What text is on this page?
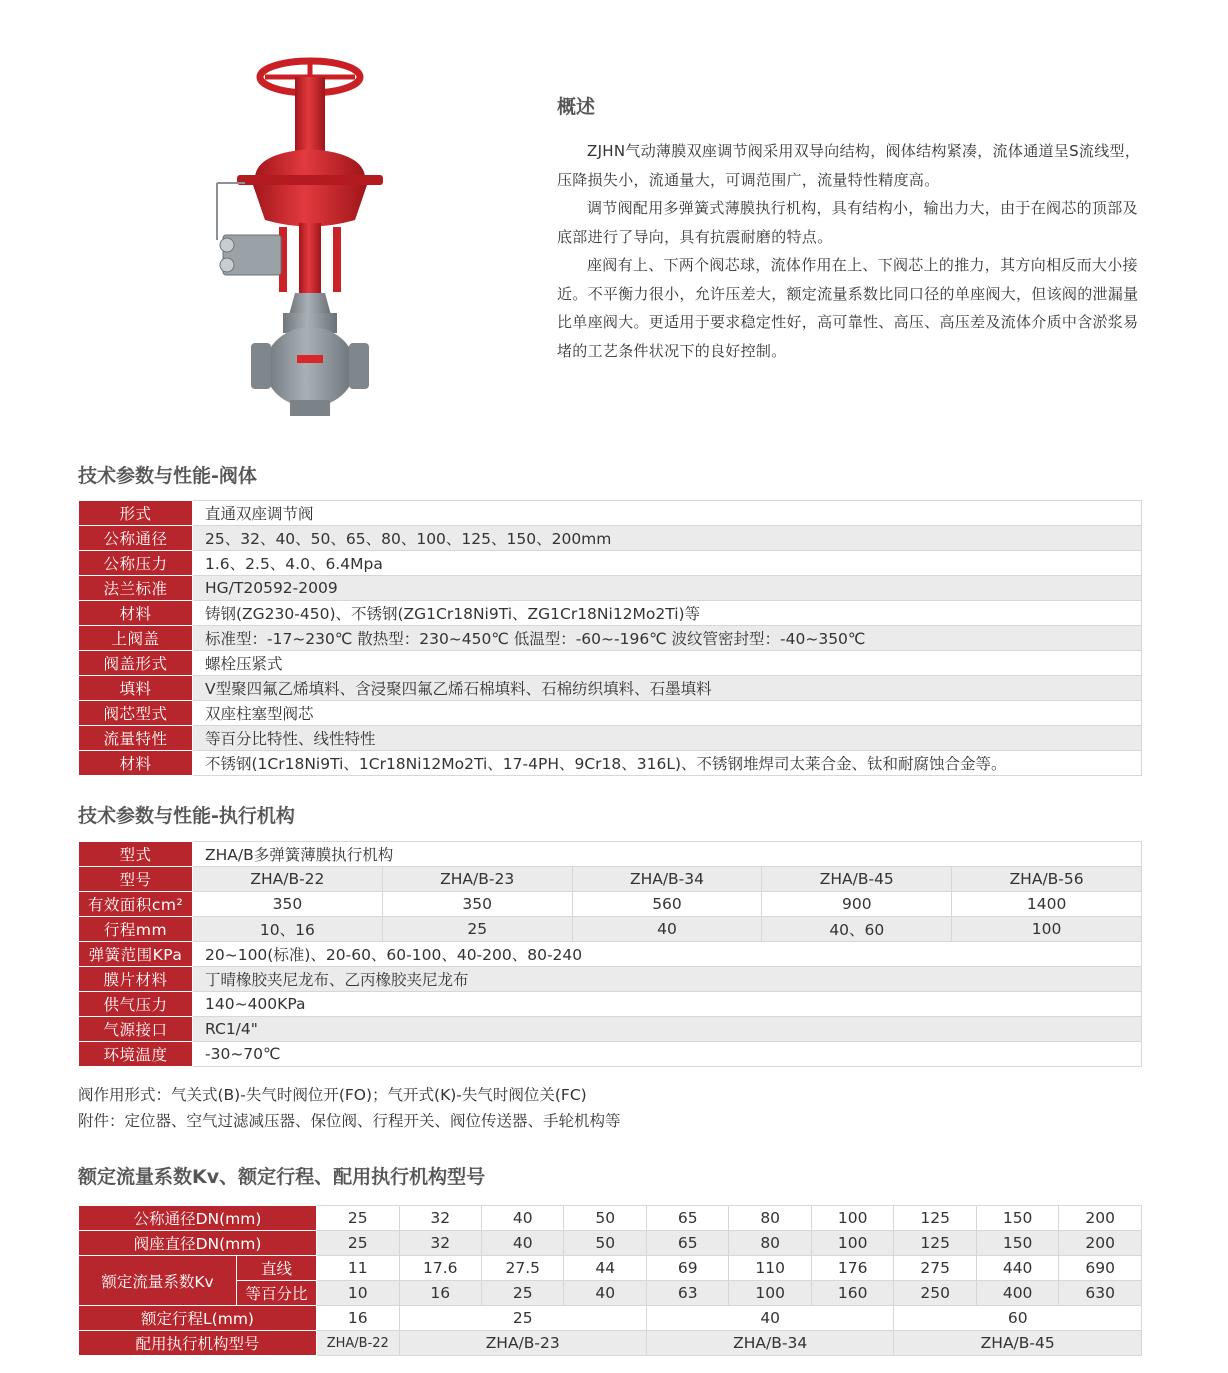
概述

ZJHN气动薄膜双座调节阀采用双导向结构，阀体结构紧凑，流体通道呈S流线型，压降损失小，流通量大，可调范围广，流量特性精度高。

调节阀配用多弹簧式薄膜执行机构，具有结构小，输出力大，由于在阀芯的顶部及底部进行了导向，具有抗震耐磨的特点。

座阀有上、下两个阀芯球，流体作用在上、下阀芯上的推力，其方向相反而大小接近。不平衡力很小，允许压差大，额定流量系数比同口径的单座阀大，但该阀的泄漏量比单座阀大。更适用于要求稳定性好，高可靠性、高压、高压差及流体介质中含淤浆易堵的工艺条件状况下的良好控制。

技术参数与性能-阀体
形式	直通双座调节阀
公称通径	25、32、40、50、65、80、100、125、150、200mm
公称压力	1.6、2.5、4.0、6.4Mpa
法兰标准	HG/T20592-2009
材料	铸钢(ZG230-450)、不锈钢(ZG1Cr18Ni9Ti、ZG1Cr18Ni12Mo2Ti)等
上阀盖	标准型：-17~230℃ 散热型：230~450℃ 低温型：-60~-196℃ 波纹管密封型：-40~350℃
阀盖形式	螺栓压紧式
填料	V型聚四氟乙烯填料、含浸聚四氟乙烯石棉填料、石棉纺织填料、石墨填料
阀芯型式	双座柱塞型阀芯
流量特性	等百分比特性、线性特性
材料	不锈钢(1Cr18Ni9Ti、1Cr18Ni12Mo2Ti、17-4PH、9Cr18、316L)、不锈钢堆焊司太莱合金、钛和耐腐蚀合金等。
技术参数与性能-执行机构
型式	ZHA/B多弹簧薄膜执行机构				
型号	ZHA/B-22	ZHA/B-23	ZHA/B-34	ZHA/B-45	ZHA/B-56
有效面积cm²	350	350	560	900	1400
行程mm	10、16	25	40	40、60	100
弹簧范围KPa	20~100(标准)、20-60、60-100、40-200、80-240				
膜片材料	丁晴橡胶夹尼龙布、乙丙橡胶夹尼龙布				
供气压力	140~400KPa				
气源接口	RC1/4"				
环境温度	-30~70℃				
阀作用形式：气关式(B)-失气时阀位开(FO)；气开式(K)-失气时阀位关(FC)
附件：定位器、空气过滤减压器、保位阀、行程开关、阀位传送器、手轮机构等
额定流量系数Kv、额定行程、配用执行机构型号
公称通径DN(mm)		25	32	40	50	65	80	100	125	150	200
阀座直径DN(mm)		25	32	40	50	65	80	100	125	150	200
额定流量系数Kv	直线	11	17.6	27.5	44	69	110	176	275	440	690
	等百分比	10	16	25	40	63	100	160	250	400	630
额定行程L(mm)		16	25			40			60		
配用执行机构型号		ZHA/B-22	ZHA/B-23			ZHA/B-34			ZHA/B-45		
